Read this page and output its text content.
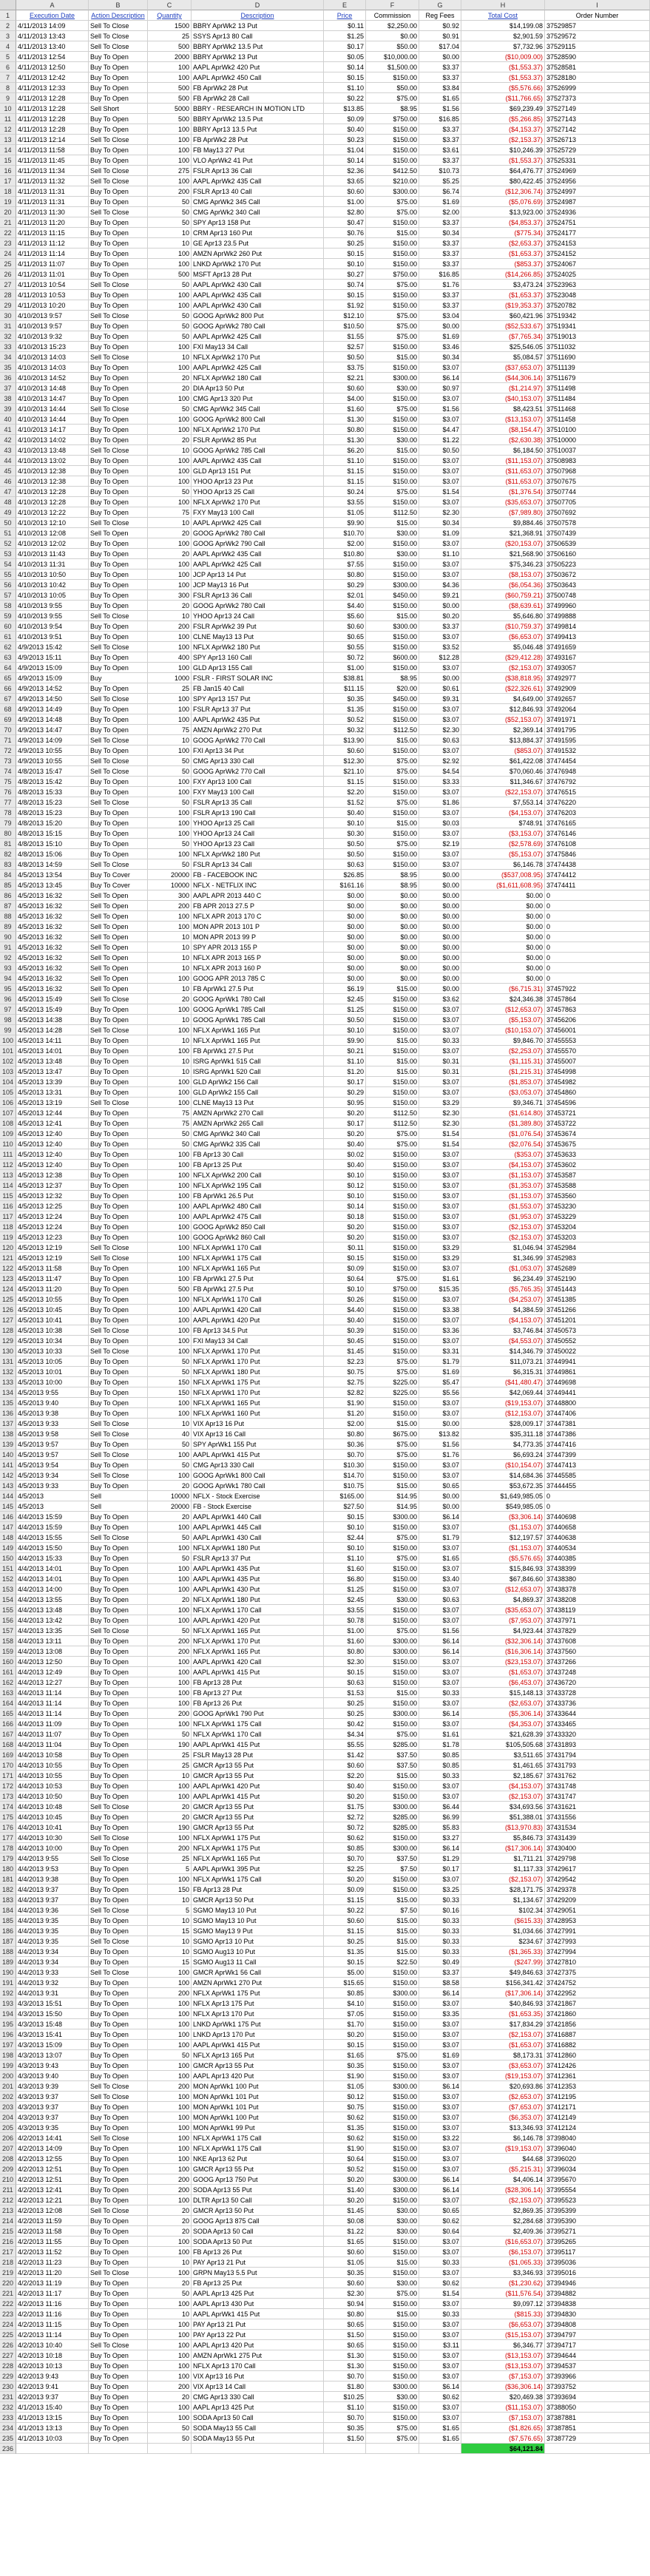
A	B	C	D	E	F	G	H	I
1	Execution Date	Action Description	Quantity	Description	Price	Commission	Reg Fees	Total Cost	Order Number
2	4/11/2013 14:09	Sell To Close	1500 BBRY AprWk2 13 Put	$0.11	$2,250.00	$0.92	$14,199.08 37529857
3	4/11/2013 13:43	Sell To Close	25 SSYS Apr13 80 Call	$1.25	$0.00	$0.91	$2,901.59 37529572
4	4/11/2013 13:40	Sell To Close	500 BBRY AprWk2 13.5 Put	$0.17	$50.00	$17.04	$7,732.96 37529115
5	4/11/2013 12:54	Buy To Open	2000 BBRY AprWk2 13 Put	$0.05	$10,000.00	$0.00	($10,009.00) 37528590
6	4/11/2013 12:50	Buy To Open	100 AAPL AprWk2 420 Put	$0.14	$1,500.00	$3.37	($1,553.37) 37528581
7	4/11/2013 12:42	Buy To Open	100 AAPL AprWk2 450 Call	$0.15	$150.00	$3.37	($1,553.37) 37528180
8	4/11/2013 12:33	Buy To Open	500 FB AprWk2 28 Put	$1.10	$50.00	$3.84	($5,576.66) 37526999
9	4/11/2013 12:28	Buy To Open	500 FB AprWk2 28 Call	$0.22	$75.00	$1.65	($11,766.65) 37527373
10 4/11/2013 12:28	Sell Short	5000 BBRY - RESEARCH IN MOTION LTD	$13.85	$8.95	$1.56	$69,239.49 37527149
11 4/11/2013 12:28	Buy To Open	500 BBRY AprWk2 13.5 Put	$0.09	$750.00	$16.85	($5,266.85) 37527143
12 4/11/2013 12:28	Buy To Open	100 BBRY Apr13 13.5 Put	$0.40	$150.00	$3.37	($4,153.37) 37527142
13 4/11/2013 12:14	Sell To Close	100 FB AprWk2 28 Put	$0.23	$150.00	$3.37	($2,153.37) 37526713
14 4/11/2013 11:58	Buy To Open	100 FB May13 27 Put	$1.04	$150.00	$3.61	$10,246.39 37525729
15 4/11/2013 11:45	Buy To Open	100 VLO AprWk2 41 Put	$0.14	$150.00	$3.37	($1,553.37) 37525331
16 4/11/2013 11:34	Sell To Close	275 FSLR Apr13 36 Call	$2.36	$412.50	$10.73	$64,476.77 37524969
17 4/11/2013 11:32	Sell To Close	100 AAPL AprWk2 435 Call	$3.65	$210.00	$5.25	$80,422.45 37524956
18 4/11/2013 11:31	Buy To Open	200 FSLR Apr13 40 Call	$0.60	$300.00	$6.74	($12,306.74) 37524997
19 4/11/2013 11:31	Buy To Open	50 CMG AprWk2 345 Call	$1.00	$75.00	$1.69	($5,076.69) 37524987
20 4/11/2013 11:30	Sell To Close	50 CMG AprWk2 340 Call	$2.80	$75.00	$2.00	$13,923.00 37524936
21 4/11/2013 11:20	Buy To Open	50 SPY Apr13 158 Put	$0.47	$150.00	$3.37	($4,853.37) 37524751
22 4/11/2013 11:15	Buy To Open	10 CRM Apr13 160 Put	$0.76	$15.00	$0.34	($775.34) 37524177
23 4/11/2013 11:12	Buy To Open	10 GE Apr13 23.5 Put	$0.25	$150.00	$3.37	($2,653.37) 37524153
24 4/11/2013 11:14	Buy To Open	100 AMZN AprWk2 260 Put	$0.15	$150.00	$3.37	($1,653.37) 37524152
25 4/11/2013 11:07	Buy To Open	100 LNKD AprWk2 170 Put	$0.10	$150.00	$3.37	($853.37) 37524067
26 4/11/2013 11:01	Buy To Open	500 MSFT Apr13 28 Put	$0.27	$750.00	$16.85	($14,266.85) 37524025
27 4/11/2013 10:54	Sell To Close	50 AAPL AprWk2 430 Call	$0.74	$75.00	$1.76	$3,473.24 37523963
28 4/11/2013 10:53	Buy To Open	100 AAPL AprWk2 435 Call	$0.15	$150.00	$3.37	($1,653.37) 37523048
29 4/11/2013 10:20	Buy To Open	100 AAPL AprWk2 430 Call	$1.92	$150.00	$3.37	($19,353.37) 37520782
30 4/10/2013 9:57	Sell To Close	50 GOOG AprWk2 800 Put	$12.10	$75.00	$3.04	$60,421.96 37519342
31 4/10/2013 9:57	Buy To Open	50 GOOG AprWk2 780 Call	$10.50	$75.00	$0.00	($52,533.67) 37519341
32 4/10/2013 9:32	Buy To Open	50 AAPL AprWk2 425 Call	$1.55	$75.00	$1.69	($7,765.34) 37519013
33 4/10/2013 15:23	Buy To Open	100 FXI May13 34 Call	$2.57	$150.00	$3.46	$25,546.05 37511032
34 4/10/2013 14:03	Sell To Close	10 NFLX AprWk2 170 Put	$0.50	$15.00	$0.34	$5,084.57 37511690
35 4/10/2013 14:03	Buy To Open	100 AAPL AprWk2 425 Call	$3.75	$150.00	$3.07	($37,653.07) 37511139
36 4/10/2013 14:52	Buy To Open	20 NFLX AprWk2 180 Call	$2.21	$300.00	$6.14	($44,306.14) 37511679
37 4/10/2013 14:48	Buy To Open	20 DIA Apr13 50 Put	$0.60	$30.00	$0.97	($1,214.97) 37511498
38 4/10/2013 14:47	Buy To Open	100 CMG Apr13 320 Put	$4.00	$150.00	$3.07	($40,153.07) 37511484
39 4/10/2013 14:44	Sell To Close	50 CMG AprWk2 345 Call	$1.60	$75.00	$1.56	$8,423.51 37511468
40 4/10/2013 14:44	Buy To Open	100 GOOG AprWk2 800 Call	$1.30	$150.00	$3.07	($13,153.07) 37511458
41 4/10/2013 14:17	Buy To Open	100 NFLX AprWk2 170 Put	$0.80	$150.00	$4.47	($8,154.47) 37510100
42 4/10/2013 14:02	Buy To Open	20 FSLR AprWk2 85 Put	$1.30	$30.00	$1.22	($2,630.38) 37510000
43 4/10/2013 13:48	Sell To Close	10 GOOG AprWk2 785 Call	$6.20	$15.00	$0.50	$6,184.50 37510037
44 4/10/2013 13:02	Buy To Open	100 AAPL AprWk2 435 Call	$1.10	$150.00	$3.07	($11,153.07) 37508983
45 4/10/2013 12:38	Buy To Open	100 GLD Apr13 151 Put	$1.15	$150.00	$3.07	($11,653.07) 37507968
46 4/10/2013 12:38	Buy To Open	100 YHOO Apr13 23 Put	$1.15	$150.00	$3.07	($11,653.07) 37507675
47 4/10/2013 12:28	Buy To Open	50 YHOO Apr13 25 Call	$0.24	$75.00	$1.54	($1,376.54) 37507744
48 4/10/2013 12:28	Buy To Open	100 NFLX AprWk2 170 Put	$3.55	$150.00	$3.07	($35,653.07) 37507705
49 4/10/2013 12:22	Buy To Open	75 FXY May13 100 Call	$1.05	$112.50	$2.30	($7,989.80) 37507692
50 4/10/2013 12:10	Sell To Close	10 AAPL AprWk2 425 Call	$9.90	$15.00	$0.34	$9,884.46 37507578
51 4/10/2013 12:08	Sell To Open	20 GOOG AprWk2 780 Call	$10.70	$30.00	$1.09	$21,368.91 37507439
52 4/10/2013 12:02	Buy To Open	100 GOOG AprWk2 790 Call	$2.00	$150.00	$3.07	($20,153.07) 37506539
53 4/10/2013 11:43	Buy To Open	20 AAPL AprWk2 435 Call	$10.80	$30.00	$1.10	$21,568.90 37506160
54 4/10/2013 11:31	Buy To Open	100 AAPL AprWk2 425 Call	$7.55	$150.00	$3.07	$75,346.23 37505223
55 4/10/2013 10:50	Buy To Open	100 JCP Apr13 14 Put	$0.80	$150.00	$3.07	($8,153.07) 37503672
56 4/10/2013 10:42	Buy To Open	100 JCP May13 16 Put	$0.29	$300.00	$4.36	($6,054.36) 37503643
57 4/10/2013 10:05	Buy To Open	300 FSLR Apr13 36 Call	$2.01	$450.00	$9.21	($60,759.21) 37500748
58 4/10/2013 9:55	Buy To Open	20 GOOG AprWk2 780 Call	$4.40	$150.00	$0.00	($8,639.61) 37499960
59 4/10/2013 9:55	Sell To Close	10 YHOO Apr13 24 Call	$5.60	$15.00	$0.20	$5,646.80 37499888
60 4/10/2013 9:54	Buy To Open	200 FSLR AprWk2 39 Put	$0.60	$300.00	$3.37	($10,759.37) 37499814
61 4/10/2013 9:51	Buy To Open	100 CLNE May13 13 Put	$0.65	$150.00	$3.07	($6,653.07) 37499413
62 4/9/2013 15:42	Sell To Close	100 NFLX AprWk2 180 Put	$0.55	$150.00	$3.52	$5,046.48 37491659
63 4/9/2013 15:11	Buy To Open	400 SPY Apr13 160 Call	$0.72	$600.00	$12.28	($29,412.28) 37493167
64 4/9/2013 15:09	Buy To Open	100 GLD Apr13 155 Call	$1.00	$150.00	$3.07	($2,153.07) 37493057
65 4/9/2013 15:09	Buy	1000 FSLR - FIRST SOLAR INC	$38.81	$8.95	$0.00	($38,818.95) 37492977
66 4/9/2013 14:52	Buy To Open	25 FB Jan15 40 Call	$11.15	$20.00	$0.61	($22,326.61) 37492909
67 4/9/2013 14:50	Sell To Close	100 SPY Apr13 157 Put	$0.35	$450.00	$9.31	$4,649.00 37492657
68 4/9/2013 14:49	Buy To Open	100 FSLR Apr13 37 Put	$1.35	$150.00	$3.07	$12,846.93 37492064
69 4/9/2013 14:48	Buy To Open	100 AAPL AprWk2 435 Put	$0.52	$150.00	$3.07	($52,153.07) 37491971
70 4/9/2013 14:47	Buy To Open	75 AMZN AprWk2 270 Put	$0.32	$112.50	$2.30	$2,369.14 37491795
71 4/9/2013 14:09	Sell To Close	10 GOOG AprWk2 770 Call	$13.90	$15.00	$0.63	$13,884.37 37491595
72 4/9/2013 10:55	Buy To Open	100 FXI Apr13 34 Put	$0.60	$150.00	$3.07	($853.07) 37491532
73 4/9/2013 10:55	Sell To Close	50 CMG Apr13 330 Call	$12.30	$75.00	$2.92	$61,422.08 37474454
74 4/8/2013 15:47	Sell To Close	50 GOOG AprWk2 770 Call	$21.10	$75.00	$4.54	$70,060.46 37476948
75 4/8/2013 15:42	Buy To Open	100 FXY Apr13 100 Call	$1.15	$150.00	$3.33	$11,346.67 37476792
76 4/8/2013 15:33	Buy To Open	100 FXY May13 100 Call	$2.20	$150.00	$3.07	($22,153.07) 37476515
77 4/8/2013 15:23	Sell To Close	50 FSLR Apr13 35 Call	$1.52	$75.00	$1.86	$7,553.14 37476220
78 4/8/2013 15:23	Buy To Open	100 FSLR Apr13 190 Call	$0.40	$150.00	$3.07	($4,153.07) 37476203
79 4/8/2013 15:20	Buy To Open	100 YHOO Apr13 25 Call	$0.10	$15.00	$0.03	$748.91 37476165
80 4/8/2013 15:15	Buy To Open	100 YHOO Apr13 24 Call	$0.30	$150.00	$3.07	($3,153.07) 37476146
81 4/8/2013 15:10	Buy To Open	50 YHOO Apr13 23 Call	$0.50	$75.00	$2.19	($2,578.69) 37476108
82 4/8/2013 15:06	Buy To Open	100 NFLX AprWk2 180 Put	$0.50	$150.00	$3.07	($5,153.07) 37475846
83 4/8/2013 14:59	Sell To Close	50 FSLR Apr13 34 Call	$0.63	$150.00	$3.07	$6,146.78 37474438
84 4/5/2013 13:54	Buy To Cover	20000 FB - FACEBOOK INC	$26.85	$8.95	$0.00	($537,008.95) 37474412
85 4/5/2013 13:45	Buy To Cover	10000 NFLX - NETFLIX INC	$161.16	$8.95	$0.00	($1,611,608.95) 37474411
86 4/5/2013 16:32	Sell To Open	300 AAPL APR 2013 440 C	$0.00	$0.00	$0.00	$0.00 0
87 4/5/2013 16:32	Sell To Open	200 FB APR 2013 27.5 P	$0.00	$0.00	$0.00	$0.00 0
88 4/5/2013 16:32	Sell To Open	100 NFLX APR 2013 170 C	$0.00	$0.00	$0.00	$0.00 0
89 4/5/2013 16:32	Sell To Open	100 MON APR 2013 101 P	$0.00	$0.00	$0.00	$0.00 0
90 4/5/2013 16:32	Sell To Open	10 MON APR 2013 99 P	$0.00	$0.00	$0.00	$0.00 0
91 4/5/2013 16:32	Sell To Open	10 SPY APR 2013 155 P	$0.00	$0.00	$0.00	$0.00 0
92 4/5/2013 16:32	Sell To Open	10 NFLX APR 2013 165 P	$0.00	$0.00	$0.00	$0.00 0
93 4/5/2013 16:32	Sell To Open	10 NFLX APR 2013 160 P	$0.00	$0.00	$0.00	$0.00 0
94 4/5/2013 16:32	Sell To Open	100 GOOG APR 2013 785 C	$0.00	$0.00	$0.00	$0.00 0
95 4/5/2013 16:32	Sell To Open	10 FB AprWk1 27.5 Put	$6.19	$15.00	$0.00	($6,715.31) 37457922
96 4/5/2013 15:49	Sell To Close	20 GOOG AprWk1 780 Call	$2.45	$150.00	$3.62	$24,346.38 37457864
97 4/5/2013 15:49	Buy To Open	100 GOOG AprWk1 785 Call	$1.25	$150.00	$3.07	($12,653.07) 37457863
98 4/5/2013 14:38	Buy To Open	10 GOOG AprWk1 785 Call	$0.50	$150.00	$3.07	($5,153.07) 37456206
99 4/5/2013 14:28	Sell To Close	100 NFLX AprWk1 165 Put	$0.10	$150.00	$3.07	($10,153.07) 37456001
100 4/5/2013 14:11	Buy To Open	10 NFLX AprWk1 165 Put	$9.90	$15.00	$0.33	$9,846.70 37455553
101 4/5/2013 14:01	Buy To Open	100 FB AprWk1 27.5 Put	$0.21	$150.00	$3.07	($2,253.07) 37455570
102 4/5/2013 13:48	Buy To Open	10 ISRG AprWk1 515 Call	$1.10	$15.00	$0.31	($1,115.31) 37455007
103 4/5/2013 13:47	Buy To Open	10 ISRG AprWk1 520 Call	$1.20	$15.00	$0.31	($1,215.31) 37454998
104 4/5/2013 13:39	Buy To Open	100 GLD AprWk2 156 Call	$0.17	$150.00	$3.07	($1,853.07) 37454982
105 4/5/2013 13:31	Buy To Open	100 GLD AprWk2 155 Call	$0.29	$150.00	$3.07	($3,053.07) 37454860
106 4/5/2013 13:19	Sell To Close	100 CLNE May13 13 Put	$0.95	$150.00	$3.29	$9,346.71 37454596
107 4/5/2013 12:44	Buy To Open	75 AMZN AprWk2 270 Call	$0.20	$112.50	$2.30	($1,614.80) 37453721
108 4/5/2013 12:41	Buy To Open	75 AMZN AprWk2 265 Call	$0.17	$112.50	$2.30	($1,389.80) 37453722
109 4/5/2013 12:40	Buy To Open	50 CMG AprWk2 340 Call	$0.20	$75.00	$1.54	($1,076.54) 37453674
110 4/5/2013 12:40	Buy To Open	50 CMG AprWk2 335 Call	$0.40	$75.00	$1.54	($2,076.54) 37453675
111 4/5/2013 12:40	Buy To Open	100 FB Apr13 30 Call	$0.02	$150.00	$3.07	($353.07) 37453633
112 4/5/2013 12:40	Buy To Open	100 FB Apr13 25 Put	$0.40	$150.00	$3.07	($4,153.07) 37453602
113 4/5/2013 12:38	Buy To Open	100 NFLX AprWk2 200 Call	$0.10	$150.00	$3.07	($1,153.07) 37453587
114 4/5/2013 12:37	Buy To Open	100 NFLX AprWk2 195 Call	$0.12	$150.00	$3.07	($1,353.07) 37453588
115 4/5/2013 12:32	Buy To Open	100 FB AprWk1 26.5 Put	$0.10	$150.00	$3.07	($1,153.07) 37453560
116 4/5/2013 12:25	Buy To Open	100 AAPL AprWk2 480 Call	$0.14	$150.00	$3.07	($1,553.07) 37453230
117 4/5/2013 12:24	Buy To Open	100 AAPL AprWk2 475 Call	$0.18	$150.00	$3.07	($1,953.07) 37453229
118 4/5/2013 12:24	Buy To Open	100 GOOG AprWk2 850 Call	$0.20	$150.00	$3.07	($2,153.07) 37453204
119 4/5/2013 12:23	Buy To Open	100 GOOG AprWk2 860 Call	$0.20	$150.00	$3.07	($2,153.07) 37453203
120 4/5/2013 12:19	Sell To Close	100 NFLX AprWk1 170 Call	$0.11	$150.00	$3.29	$1,046.94 37452984
121 4/5/2013 12:19	Sell To Close	100 NFLX AprWk1 175 Call	$0.15	$150.00	$3.29	$1,346.99 37452983
122 4/5/2013 11:58	Buy To Open	100 NFLX AprWk1 165 Put	$0.09	$150.00	$3.07	($1,053.07) 37452689
123 4/5/2013 11:47	Buy To Open	100 FB AprWk1 27.5 Put	$0.64	$75.00	$1.61	$6,234.49 37452190
124 4/5/2013 11:20	Buy To Open	500 FB AprWk1 27.5 Put	$0.10	$750.00	$15.35	($5,765.35) 37451443
125 4/5/2013 10:55	Buy To Open	100 NFLX AprWk1 170 Call	$0.26	$150.00	$3.07	($4,253.07) 37451385
126 4/5/2013 10:45	Buy To Open	100 AAPL AprWk1 420 Call	$4.40	$150.00	$3.38	$4,384.59 37451266
127 4/5/2013 10:41	Buy To Open	100 AAPL AprWk1 420 Put	$0.40	$150.00	$3.07	($4,153.07) 37451201
128 4/5/2013 10:38	Sell To Close	100 FB Apr13 34.5 Put	$0.39	$150.00	$3.36	$3,746.84 37450573
129 4/5/2013 10:34	Buy To Open	100 FXI May13 34 Call	$0.45	$150.00	$3.07	($4,553.07) 37450552
130 4/5/2013 10:33	Sell To Close	100 NFLX AprWk1 170 Put	$1.45	$150.00	$3.31	$14,346.79 37450022
131 4/5/2013 10:05	Buy To Open	50 NFLX AprWk1 170 Put	$2.23	$75.00	$1.79	$11,073.21 37449941
132 4/5/2013 10:01	Buy To Open	50 NFLX AprWk1 180 Put	$0.75	$75.00	$1.69	$6,315.31 37449861
133 4/5/2013 10:00	Buy To Open	150 NFLX AprWk1 175 Put	$2.75	$225.00	$5.47	($41,480.47) 37449698
134 4/5/2013 9:55	Buy To Open	150 NFLX AprWk1 170 Put	$2.82	$225.00	$5.56	$42,069.44 37449441
135 4/5/2013 9:40	Buy To Open	100 NFLX AprWk1 165 Put	$1.90	$150.00	$3.07	($19,153.07) 37448800
136 4/5/2013 9:38	Buy To Open	100 NFLX AprWk1 160 Put	$1.20	$150.00	$3.07	($12,153.07) 37447406
137 4/5/2013 9:33	Sell To Close	10 VIX Apr13 16 Put	$2.00	$15.00	$0.00	$28,009.17 37447381
138 4/5/2013 9:58	Sell To Close	40 VIX Apr13 16 Call	$0.80	$675.00	$13.82	$35,311.18 37447386
139 4/5/2013 9:57	Buy To Open	50 SPY AprWk1 155 Put	$0.36	$75.00	$1.56	$4,773.35 37447416
140 4/5/2013 9:57	Sell To Close	100 AAPL AprWk1 415 Put	$0.70	$75.00	$1.76	$6,693.24 37447399
141 4/5/2013 9:54	Buy To Open	50 CMG Apr13 330 Call	$10.30	$150.00	$3.07	($10,154.07) 37447413
142 4/5/2013 9:34	Sell To Close	100 GOOG AprWk1 800 Call	$14.70	$150.00	$3.07	$14,684.36 37445585
143 4/5/2013 9:33	Buy To Open	20 GOOG AprWk1 780 Call	$10.75	$15.00	$0.65	$53,672.35 37444455
144 4/5/2013	Sell	10000 NFLX - Stock Exercise	$165.00	$14.95	$0.00	$1,649,985.05 0
145 4/5/2013	Sell	20000 FB - Stock Exercise	$27.50	$14.95	$0.00	$549,985.05 0
146 4/4/2013 15:59	Buy To Open	20 AAPL AprWk1 440 Call	$0.15	$300.00	$6.14	($3,306.14) 37440698
147 4/4/2013 15:59	Buy To Open	100 AAPL AprWk1 445 Call	$0.10	$150.00	$3.07	($1,153.07) 37440658
148 4/4/2013 15:55	Sell To Close	50 AAPL AprWk1 430 Call	$2.44	$75.00	$1.79	$12,197.57 37440638
149 4/4/2013 15:50	Buy To Open	100 NFLX AprWk1 180 Put	$0.10	$150.00	$3.07	($1,153.07) 37440534
150 4/4/2013 15:33	Buy To Open	50 FSLR Apr13 37 Put	$1.10	$75.00	$1.65	($5,576.65) 37440385
151 4/4/2013 14:01	Buy To Open	100 AAPL AprWk1 435 Put	$1.60	$150.00	$3.07	$15,846.93 37438399
152 4/4/2013 14:01	Buy To Open	100 AAPL AprWk1 435 Put	$6.80	$150.00	$3.40	$67,846.60 37438380
153 4/4/2013 14:00	Buy To Open	100 AAPL AprWk1 430 Put	$1.25	$150.00	$3.07	($12,653.07) 37438378
154 4/4/2013 13:55	Buy To Open	20 NFLX AprWk1 180 Put	$2.45	$30.00	$0.63	$4,869.37 37438208
155 4/4/2013 13:48	Buy To Open	100 NFLX AprWk1 170 Call	$3.55	$150.00	$3.07	($35,653.07) 37438119
156 4/4/2013 13:42	Buy To Open	100 AAPL AprWk1 420 Put	$0.78	$150.00	$3.07	($7,953.07) 37437971
157 4/4/2013 13:35	Sell To Close	50 NFLX AprWk1 165 Put	$1.00	$75.00	$1.56	$4,923.44 37437829
158 4/4/2013 13:11	Buy To Open	200 NFLX AprWk1 170 Put	$1.60	$300.00	$6.14	($32,306.14) 37437608
159 4/4/2013 13:08	Buy To Open	200 NFLX AprWk1 165 Put	$0.80	$300.00	$6.14	($16,306.14) 37437560
160 4/4/2013 12:50	Buy To Open	100 AAPL AprWk1 420 Call	$2.30	$150.00	$3.07	($23,153.07) 37437266
161 4/4/2013 12:49	Buy To Open	100 AAPL AprWk1 415 Put	$0.15	$150.00	$3.07	($1,653.07) 37437248
162 4/4/2013 12:27	Buy To Open	100 FB Apr13 28 Put	$0.63	$150.00	$3.07	($6,453.07) 37436720
163 4/4/2013 11:14	Buy To Open	100 FB Apr13 27 Put	$1.53	$15.00	$0.33	$15,148.13 37433728
164 4/4/2013 11:14	Buy To Open	100 FB Apr13 26 Put	$0.25	$150.00	$3.07	($2,653.07) 37433736
165 4/4/2013 11:14	Buy To Open	200 GOOG AprWk1 790 Put	$0.25	$300.00	$6.14	($5,306.14) 37433644
166 4/4/2013 11:09	Buy To Open	100 NFLX AprWk1 175 Call	$0.42	$150.00	$3.07	($4,353.07) 37433465
167 4/4/2013 11:07	Buy To Open	50 NFLX AprWk1 170 Call	$4.34	$75.00	$1.61	$21,628.39 37433320
168 4/4/2013 11:04	Buy To Open	190 AAPL AprWk1 415 Put	$5.55	$285.00	$1.78	$105,505.68 37431893
169 4/4/2013 10:58	Buy To Open	25 FSLR May13 28 Put	$1.42	$37.50	$0.85	$3,511.65 37431794
170 4/4/2013 10:55	Buy To Open	25 GMCR Apr13 55 Put	$0.60	$37.50	$0.85	$1,461.65 37431793
171 4/4/2013 10:55	Buy To Open	10 GMCR Apr13 55 Put	$2.20	$15.00	$0.33	$2,185.67 37431762
172 4/4/2013 10:53	Buy To Open	100 AAPL AprWk1 420 Put	$0.40	$150.00	$3.07	($4,153.07) 37431748
173 4/4/2013 10:50	Buy To Open	100 AAPL AprWk1 415 Put	$0.20	$150.00	$3.07	($2,153.07) 37431747
174 4/4/2013 10:48	Sell To Close	20 GMCR Apr13 55 Put	$1.75	$300.00	$6.44	$34,693.56 37431621
175 4/4/2013 10:45	Buy To Open	20 GMCR Apr13 55 Put	$2.72	$285.00	$6.99	$51,388.01 37431556
176 4/4/2013 10:41	Buy To Open	190 GMCR Apr13 55 Put	$0.72	$285.00	$5.83	($13,970.83) 37431534
177 4/4/2013 10:30	Sell To Close	100 NFLX AprWk1 175 Put	$0.62	$150.00	$3.27	$5,846.73 37431439
178 4/4/2013 10:00	Buy To Open	200 NFLX AprWk1 175 Put	$0.85	$300.00	$6.14	($17,306.14) 37430400
179 4/4/2013 9:55	Sell To Close	25 NFLX AprWk1 165 Put	$0.70	$37.50	$1.29	$1,711.21 37429798
180 4/4/2013 9:53	Buy To Open	5 AAPL AprWk1 395 Put	$2.25	$7.50	$0.17	$1,117.33 37429617
181 4/4/2013 9:38	Buy To Open	100 NFLX AprWk1 175 Call	$0.20	$150.00	$3.07	($2,153.07) 37429542
182 4/4/2013 9:37	Buy To Open	150 FB Apr13 28 Put	$0.09	$150.00	$3.25	$28,171.75 37429378
183 4/4/2013 9:37	Buy To Open	10 GMCR Apr13 50 Put	$1.15	$15.00	$0.33	$1,134.67 37429209
184 4/4/2013 9:36	Sell To Close	5 SGMO May13 10 Put	$0.22	$7.50	$0.16	$102.34 37429051
185 4/4/2013 9:35	Buy To Open	10 SGMO May13 10 Put	$0.60	$15.00	$0.33	($615.33) 37428953
186 4/4/2013 9:35	Buy To Open	15 SGMO May13 9 Put	$1.15	$15.00	$0.33	$1,034.66 37427991
187 4/4/2013 9:35	Sell To Close	10 SGMO Apr13 10 Put	$0.25	$15.00	$0.33	$234.67 37427993
188 4/4/2013 9:34	Buy To Open	10 SGMO Aug13 10 Put	$1.35	$15.00	$0.33	($1,365.33) 37427994
189 4/4/2013 9:34	Buy To Open	15 SGMO Aug13 11 Call	$0.15	$22.50	$0.49	($247.99) 37427810
190 4/4/2013 9:33	Sell To Close	100 GMCR AprWk1 56 Call	$5.00	$150.00	$3.37	$49,846.63 37427375
191 4/4/2013 9:32	Buy To Open	100 AMZN AprWk1 270 Put	$15.65	$150.00	$8.58	$156,341.42 37424752
192 4/4/2013 9:31	Buy To Open	200 NFLX AprWk1 175 Put	$0.85	$300.00	$6.14	($17,306.14) 37422952
193 4/3/2013 15:51	Buy To Open	100 NFLX Apr13 175 Put	$4.10	$150.00	$3.07	$40,846.93 37421867
194 4/3/2013 15:50	Buy To Open	100 NFLX Apr13 170 Put	$7.05	$150.00	$3.35	($1,653.35) 37421860
195 4/3/2013 15:48	Buy To Open	100 LNKD AprWk1 175 Put	$1.70	$150.00	$3.07	$17,834.29 37421856
196 4/3/2013 15:41	Buy To Open	100 LNKD Apr13 170 Put	$0.20	$150.00	$3.07	($2,153.07) 37416887
197 4/3/2013 15:09	Buy To Open	100 AAPL AprWk1 415 Put	$0.15	$150.00	$3.07	($1,653.07) 37416882
198 4/3/2013 13:07	Buy To Open	50 NFLX Apr13 165 Put	$1.65	$75.00	$1.69	$8,173.31 37412860
199 4/3/2013 9:43	Buy To Open	100 GMCR Apr13 55 Put	$0.35	$150.00	$3.07	($3,653.07) 37412426
200 4/3/2013 9:40	Buy To Open	100 AAPL Apr13 420 Put	$1.90	$150.00	$3.07	($19,153.07) 37412361
201 4/3/2013 9:39	Sell To Close	200 MON AprWk1 100 Put	$1.05	$300.00	$6.14	$20,693.86 37412353
202 4/3/2013 9:37	Sell To Close	100 MON AprWk1 101 Put	$0.12	$150.00	$3.07	($2,653.07) 37412195
203 4/3/2013 9:37	Buy To Open	100 MON AprWk1 101 Put	$0.75	$150.00	$3.07	($7,653.07) 37412171
204 4/3/2013 9:37	Buy To Open	100 MON AprWk1 100 Put	$0.62	$150.00	$3.07	($6,353.07) 37412149
205 4/3/2013 9:35	Buy To Open	100 MON AprWk1 99 Put	$1.35	$150.00	$3.07	$13,346.93 37412124
206 4/2/2013 14:41	Sell To Close	100 NFLX AprWk1 175 Call	$0.62	$150.00	$3.22	$6,146.78 37398040
207 4/2/2013 14:09	Buy To Open	100 NFLX AprWk1 175 Call	$1.90	$150.00	$3.07	($19,153.07) 37396040
208 4/2/2013 12:55	Buy To Open	100 NKE Apr13 62 Put	$0.64	$150.00	$3.07	$44.68 37396020
209 4/2/2013 12:51	Buy To Open	100 GMCR Apr13 55 Put	$0.52	$150.00	$3.07	($5,215.31) 37396034
210 4/2/2013 12:51	Buy To Open	200 GOOG Apr13 750 Put	$0.20	$300.00	$6.14	$4,406.14 37395670
211 4/2/2013 12:41	Buy To Open	200 SODA Apr13 55 Put	$1.40	$300.00	$6.14	($28,306.14) 37395554
212 4/2/2013 12:21	Buy To Open	100 DLTR Apr13 50 Call	$0.20	$150.00	$3.07	($2,153.07) 37395523
213 4/2/2013 12:08	Sell To Close	20 GMCR Apr13 50 Put	$1.45	$30.00	$0.65	$2,869.35 37395399
214 4/2/2013 11:59	Buy To Open	20 GOOG Apr13 875 Call	$0.08	$30.00	$0.62	$2,284.68 37395390
215 4/2/2013 11:58	Buy To Open	20 SODA Apr13 50 Call	$1.22	$30.00	$0.64	$2,409.36 37395271
216 4/2/2013 11:55	Buy To Open	100 SODA Apr13 50 Put	$1.65	$150.00	$3.07	($16,653.07) 37395265
217 4/2/2013 11:52	Buy To Open	100 FB Apr13 26 Put	$0.60	$150.00	$3.07	($6,153.07) 37395117
218 4/2/2013 11:23	Buy To Open	10 PAY Apr13 21 Put	$1.05	$15.00	$0.33	($1,065.33) 37395036
219 4/2/2013 11:20	Sell To Close	100 GRPN May13 5.5 Put	$0.35	$150.00	$3.07	$3,346.93 37395016
220 4/2/2013 11:19	Buy To Open	20 FB Apr13 25 Put	$0.60	$30.00	$0.62	($1,230.62) 37394946
221 4/2/2013 11:17	Buy To Open	50 AAPL Apr13 425 Put	$2.30	$75.00	$1.54	($11,576.54) 37394882
222 4/2/2013 11:16	Buy To Open	100 AAPL Apr13 430 Put	$0.94	$150.00	$3.07	$9,097.12 37394838
223 4/2/2013 11:16	Buy To Open	10 AAPL AprWk1 415 Put	$0.80	$15.00	$0.33	($815.33) 37394830
224 4/2/2013 11:15	Buy To Open	100 PAY Apr13 21 Put	$0.65	$150.00	$3.07	($6,653.07) 37394808
225 4/2/2013 11:14	Buy To Open	100 PAY Apr13 22 Put	$1.50	$150.00	$3.07	($15,153.07) 37394797
226 4/2/2013 10:40	Sell To Close	100 AAPL Apr13 420 Put	$0.65	$150.00	$3.11	$6,346.77 37394717
227 4/2/2013 10:18	Buy To Open	100 AMZN AprWk1 275 Put	$1.30	$150.00	$3.07	($13,153.07) 37394644
228 4/2/2013 10:13	Buy To Open	100 NFLX Apr13 170 Call	$1.30	$150.00	$3.07	($13,153.07) 37394537
229 4/2/2013 9:43	Buy To Open	100 VIX Apr13 16 Put	$0.70	$150.00	$3.07	($7,153.07) 37393966
230 4/2/2013 9:41	Buy To Open	200 VIX Apr13 14 Call	$1.80	$300.00	$6.14	($36,306.14) 37393752
231 4/2/2013 9:37	Buy To Open	20 CMG Apr13 330 Call	$10.25	$30.00	$0.62	$20,469.38 37393694
232 4/1/2013 15:40	Buy To Open	100 AAPL Apr13 425 Put	$1.10	$150.00	$3.07	($11,153.07) 37388050
233 4/1/2013 13:15	Buy To Open	100 SODA Apr13 50 Call	$0.70	$150.00	$3.07	($7,153.07) 37387881
234 4/1/2013 13:13	Buy To Open	50 SODA May13 55 Call	$0.35	$75.00	$1.65	($1,826.65) 37387851
235 4/1/2013 10:03	Buy To Open	50 SODA May13 55 Put	$1.50	$75.00	$1.65	($7,576.65) 37387729
236	$64,121.84
